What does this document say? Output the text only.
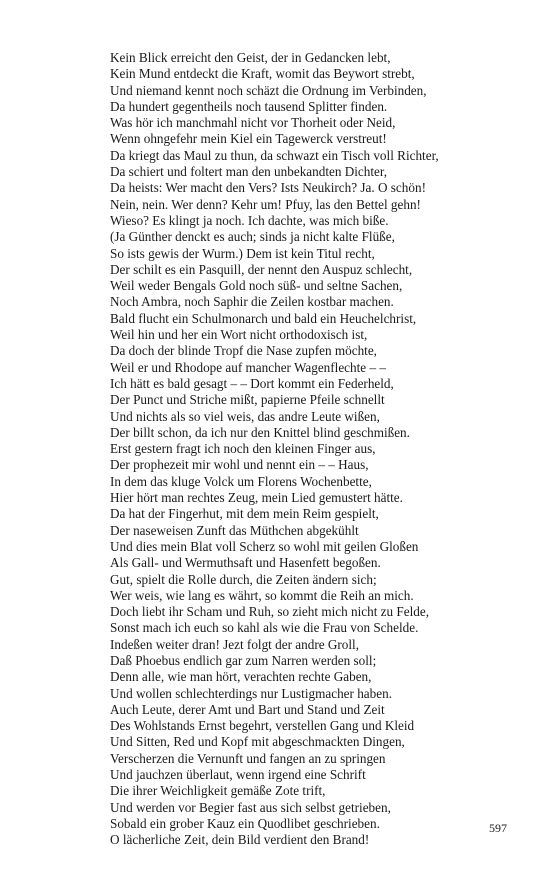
Kein Blick erreicht den Geist, der in Gedancken lebt,
Kein Mund entdeckt die Kraft, womit das Beywort strebt,
Und niemand kennt noch schäzt die Ordnung im Verbinden,
Da hundert gegentheils noch tausend Splitter finden.
Was hör ich manchmahl nicht vor Thorheit oder Neid,
Wenn ohngefehr mein Kiel ein Tagewerck verstreut!
Da kriegt das Maul zu thun, da schwazt ein Tisch voll Richter,
Da schiert und foltert man den unbekandten Dichter,
Da heists: Wer macht den Vers? Ists Neukirch? Ja. O schön!
Nein, nein. Wer denn? Kehr um! Pfuy, las den Bettel gehn!
Wieso? Es klingt ja noch. Ich dachte, was mich biße.
(Ja Günther denckt es auch; sinds ja nicht kalte Flüße,
So ists gewis der Wurm.) Dem ist kein Titul recht,
Der schilt es ein Pasquill, der nennt den Auspuz schlecht,
Weil weder Bengals Gold noch süß- und seltne Sachen,
Noch Ambra, noch Saphir die Zeilen kostbar machen.
Bald flucht ein Schulmonarch und bald ein Heuchelchrist,
Weil hin und her ein Wort nicht orthodoxisch ist,
Da doch der blinde Tropf die Nase zupfen möchte,
Weil er und Rhodope auf mancher Wagenflechte – –
Ich hätt es bald gesagt – – Dort kommt ein Federheld,
Der Punct und Striche mißt, papierne Pfeile schnellt
Und nichts als so viel weis, das andre Leute wißen,
Der billt schon, da ich nur den Knittel blind geschmißen.
Erst gestern fragt ich noch den kleinen Finger aus,
Der prophezeit mir wohl und nennt ein – – Haus,
In dem das kluge Volck um Florens Wochenbette,
Hier hört man rechtes Zeug, mein Lied gemustert hätte.
Da hat der Fingerhut, mit dem mein Reim gespielt,
Der naseweisen Zunft das Müthchen abgekühlt
Und dies mein Blat voll Scherz so wohl mit geilen Gloßen
Als Gall- und Wermuthsaft und Hasenfett begoßen.
Gut, spielt die Rolle durch, die Zeiten ändern sich;
Wer weis, wie lang es währt, so kommt die Reih an mich.
Doch liebt ihr Scham und Ruh, so zieht mich nicht zu Felde,
Sonst mach ich euch so kahl als wie die Frau von Schelde.
Indeßen weiter dran! Jezt folgt der andre Groll,
Daß Phoebus endlich gar zum Narren werden soll;
Denn alle, wie man hört, verachten rechte Gaben,
Und wollen schlechterdings nur Lustigmacher haben.
Auch Leute, derer Amt und Bart und Stand und Zeit
Des Wohlstands Ernst begehrt, verstellen Gang und Kleid
Und Sitten, Red und Kopf mit abgeschmackten Dingen,
Verscherzen die Vernunft und fangen an zu springen
Und jauchzen überlaut, wenn irgend eine Schrift
Die ihrer Weichligkeit gemäße Zote trift,
Und werden vor Begier fast aus sich selbst getrieben,
Sobald ein grober Kauz ein Quodlibet geschrieben.
O lächerliche Zeit, dein Bild verdient den Brand!
597
